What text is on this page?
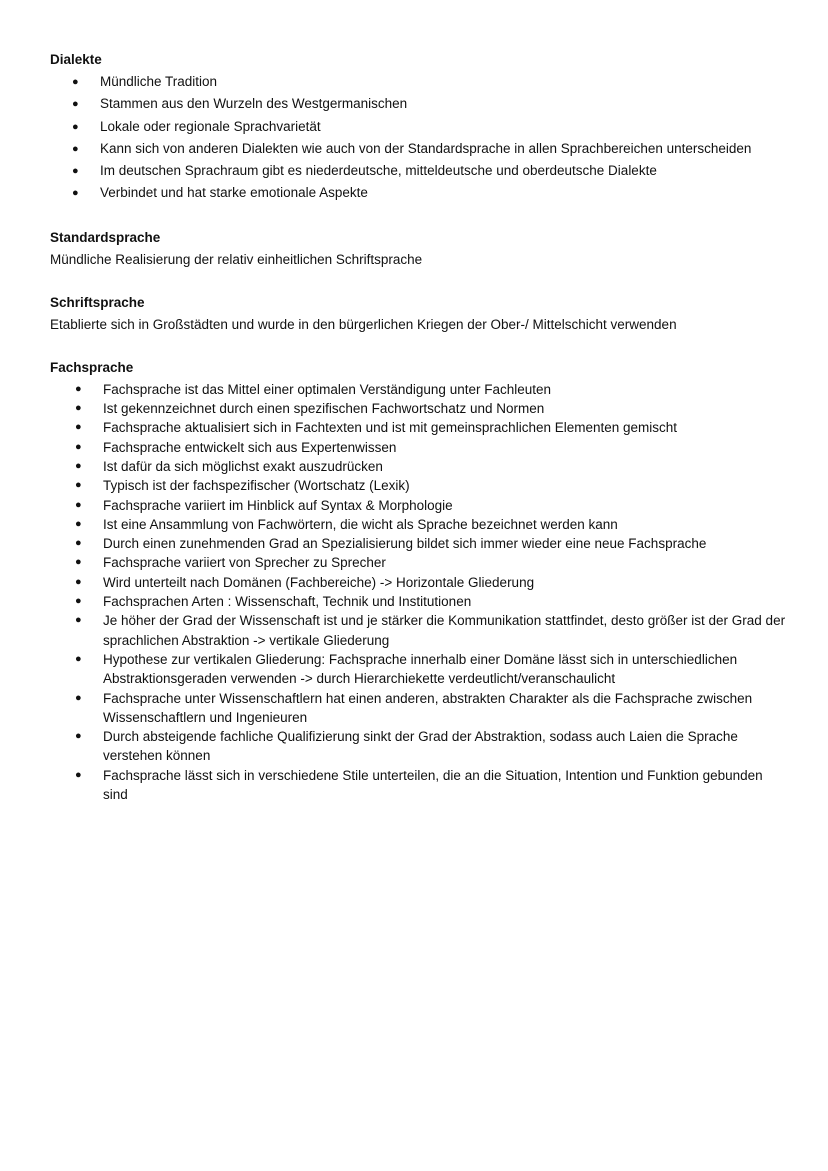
Dialekte

● Mündliche Tradition
● Stammen aus den Wurzeln des Westgermanischen
● Lokale oder regionale Sprachvarietät
● Kann sich von anderen Dialekten wie auch von der Standardsprache in allen Sprachbereichen unterscheiden
● Im deutschen Sprachraum gibt es niederdeutsche, mitteldeutsche und oberdeutsche Dialekte
● Verbindet und hat starke emotionale Aspekte

Standardsprache

Mündliche Realisierung der relativ einheitlichen Schriftsprache

Schriftsprache

Etablierte sich in Großstädten und wurde in den bürgerlichen Kriegen der Ober-/ Mittelschicht verwenden

Fachsprache

● Fachsprache ist das Mittel einer optimalen Verständigung unter Fachleuten
● Ist gekennzeichnet durch einen spezifischen Fachwortschatz und Normen
● Fachsprache aktualisiert sich in Fachtexten und ist mit gemeinsprachlichen Elementen gemischt
● Fachsprache entwickelt sich aus Expertenwissen
● Ist dafür da sich möglichst exakt auszudrücken
● Typisch ist der fachspezifischer (Wortschatz (Lexik)
● Fachsprache variiert im Hinblick auf Syntax & Morphologie
● Ist eine Ansammlung von Fachwörtern, die wicht als Sprache bezeichnet werden kann
● Durch einen zunehmenden Grad an Spezialisierung bildet sich immer wieder eine neue Fachsprache
● Fachsprache variiert von Sprecher zu Sprecher
● Wird unterteilt nach Domänen (Fachbereiche) -> Horizontale Gliederung
● Fachsprachen Arten : Wissenschaft, Technik und Institutionen
● Je höher der Grad der Wissenschaft ist und je stärker die Kommunikation stattfindet, desto größer ist der Grad der sprachlichen Abstraktion -> vertikale Gliederung
● Hypothese zur vertikalen Gliederung: Fachsprache innerhalb einer Domäne lässt sich in unterschiedlichen Abstraktionsgeraden verwenden -> durch Hierarchiekette verdeutlicht/veranschaulicht
● Fachsprache unter Wissenschaftlern hat einen anderen, abstrakten Charakter als die Fachsprache zwischen Wissenschaftlern und Ingenieuren
● Durch absteigende fachliche Qualifizierung sinkt der Grad der Abstraktion, sodass auch Laien die Sprache verstehen können
● Fachsprache lässt sich in verschiedene Stile unterteilen, die an die Situation, Intention und Funktion gebunden sind
